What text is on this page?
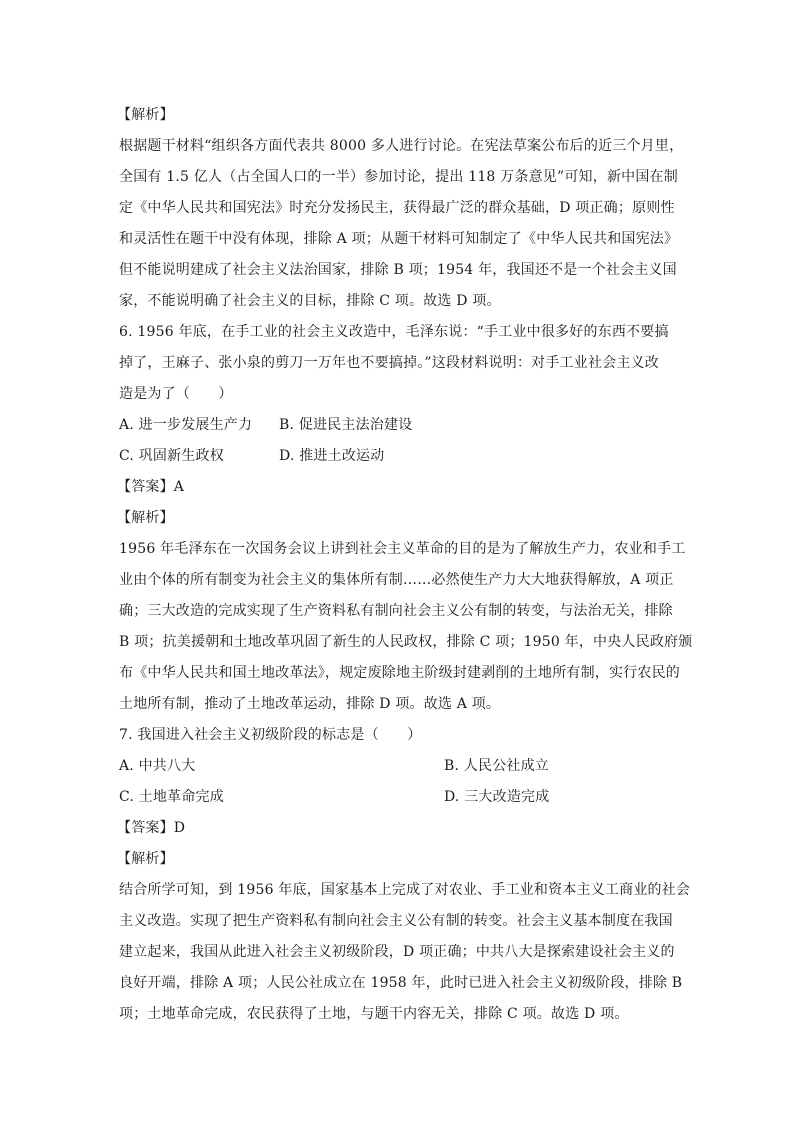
【解析】
根据题干材料“组织各方面代表共 8000 多人进行讨论。在宪法草案公布后的近三个月里，
全国有 1.5 亿人（占全国人口的一半）参加讨论，提出 118 万条意见”可知，新中国在制
定《中华人民共和国宪法》时充分发扬民主，获得最广泛的群众基础，D 项正确；原则性
和灵活性在题干中没有体现，排除 A 项；从题干材料可知制定了《中华人民共和国宪法》
但不能说明建成了社会主义法治国家，排除 B 项；1954 年，我国还不是一个社会主义国
家，不能说明确了社会主义的目标，排除 C 项。故选 D 项。
6. 1956 年底，在手工业的社会主义改造中，毛泽东说：“手工业中很多好的东西不要搞
掉了，王麻子、张小泉的剪刀一万年也不要搞掉。”这段材料说明：对手工业社会主义改
造是为了（　　）
A. 进一步发展生产力 B. 促进民主法治建设
C. 巩固新生政权	D. 推进土改运动
【答案】A
【解析】
1956 年毛泽东在一次国务会议上讲到社会主义革命的目的是为了解放生产力，农业和手工
业由个体的所有制变为社会主义的集体所有制……必然使生产力大大地获得解放，A 项正
确；三大改造的完成实现了生产资料私有制向社会主义公有制的转变，与法治无关，排除
B 项；抗美援朝和土地改革巩固了新生的人民政权，排除 C 项；1950 年，中央人民政府颁
布《中华人民共和国土地改革法》，规定废除地主阶级封建剥削的土地所有制，实行农民的
土地所有制，推动了土地改革运动，排除 D 项。故选 A 项。
7. 我国进入社会主义初级阶段的标志是（　　）
A. 中共八大	B. 人民公社成立
C. 土地革命完成	D. 三大改造完成
【答案】D
【解析】
结合所学可知，到 1956 年底，国家基本上完成了对农业、手工业和资本主义工商业的社会
主义改造。实现了把生产资料私有制向社会主义公有制的转变。社会主义基本制度在我国
建立起来，我国从此进入社会主义初级阶段，D 项正确；中共八大是探索建设社会主义的
良好开端，排除 A 项；人民公社成立在 1958 年，此时已进入社会主义初级阶段，排除 B
项；土地革命完成，农民获得了土地，与题干内容无关，排除 C 项。故选 D 项。
